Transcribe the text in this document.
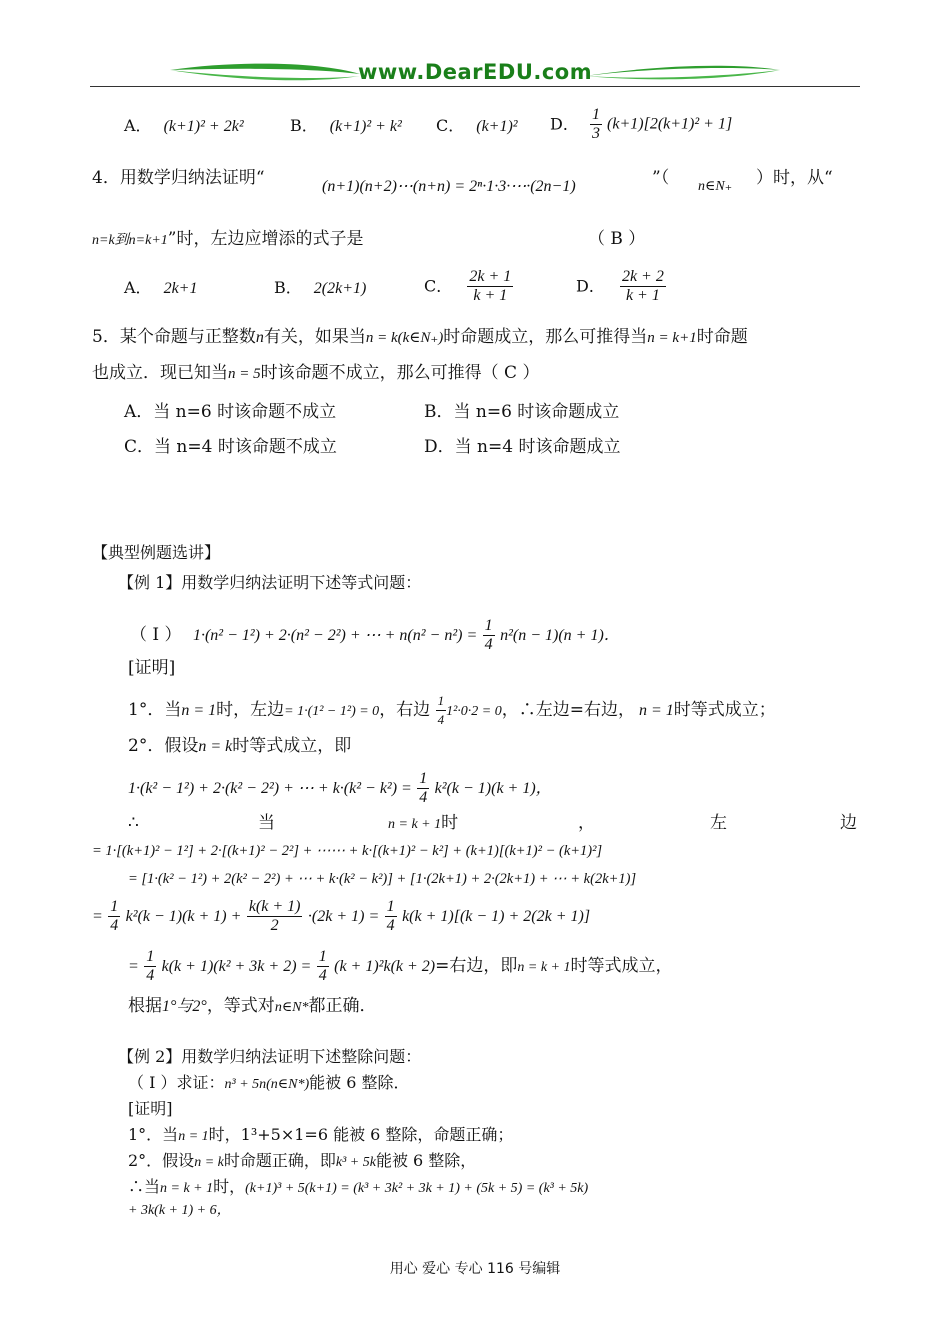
www.DearEDU.com
A． (k+1)² + 2k²	B． (k+1)² + k² C． (k+1)² D． $\frac{1}{3} (k+1)[2(k+1)^2 + 1]$
4．用数学归纳法证明“	(n+1)(n+2)⋯(n+n) = 2ⁿ·1·3·⋯·(2n−1)	”（ n∈N₊ ）时，从“
n=k到n=k+1”时，左边应增添的式子是	（ B ）
A． 2k+1	B． 2(2k+1)	C． $\frac{2k + 1}{k + 1}$	D． $\frac{2k + 2}{k + 1}$
5．某个命题与正整数n有关，如果当n = k(k∈N₊)时命题成立，那么可推得当n = k+1时命题
也成立．现已知当n = 5时该命题不成立，那么可推得（ C ）
A．当 n=6 时该命题不成立	B．当 n=6 时该命题成立
C．当 n=4 时该命题不成立	D．当 n=4 时该命题成立
【典型例题选讲】
【例 1】用数学归纳法证明下述等式问题：
（ Ⅰ ） 1·(n² − 1²) + 2·(n² − 2²) + ⋯ + $n(n^2 - n^2) = \frac{1}{4} n^2(n - 1)(n + 1)$．
[证明]
1°．当n = 1时，左边= 1·(1² − 1²) = 0，右边 $\frac{1}{4} 1^2\cdot 0\cdot 2 = 0$，∴左边=右边， n = 1时等式成立；
2°．假设n = k时等式成立，即
1·(k² − 1²) + 2·(k² − 2²) + ⋯ + $k\cdot(k^2 - k^2) = \frac{1}{4} k^2(k - 1)(k + 1)$，
∴	当	n = k + 1时	，	左	边
= 1·[(k+1)² − 1²] + 2·[(k+1)² − 2²] + ⋯⋯ + k·[(k+1)² − k²] + (k+1)[(k+1)² − (k+1)²]
= [1·(k² − 1²) + 2(k² − 2²) + ⋯ + k·(k² − k²)] + [1·(2k+1) + 2·(2k+1) + ⋯ + k(2k+1)]
= $\frac{1}{4} k^2(k - 1)(k + 1) + \frac{k(k + 1)}{2} \cdot(2k + 1) = \frac{1}{4} k(k + 1)[(k - 1) + 2(2k + 1)]$
= $\frac{1}{4} k(k + 1)(k^2 + 3k + 2) = \frac{1}{4} (k + 1)^2k(k + 2)=$右边，即n = k + 1时等式成立，
根据1°与2°，等式对n∈N*都正确．
【例 2】用数学归纳法证明下述整除问题：
（ Ⅰ ）求证：n³ + 5n(n∈N*)能被 6 整除．
[证明]
1°．当n = 1时，1³+5×1=6 能被 6 整除，命题正确；
2°．假设n = k时命题正确，即k³ + 5k能被 6 整除，
∴当n = k + 1时，(k+1)³ + 5(k+1) = (k³ + 3k² + 3k + 1) + (5k + 5) = (k³ + 5k)
+ 3k(k + 1) + 6，
用心 爱心 专心 116 号编辑
